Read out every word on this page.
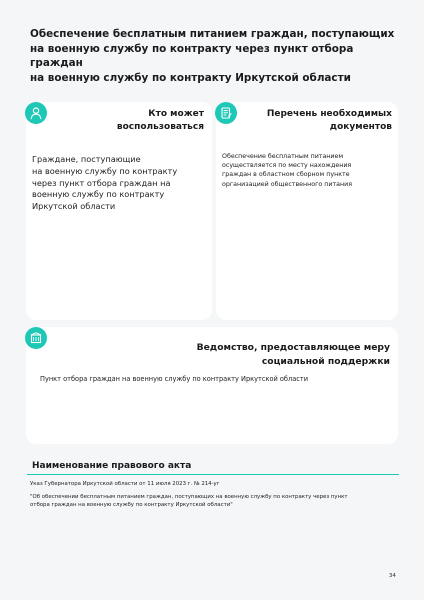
Обеспечение бесплатным питанием граждан, поступающих
на военную службу по контракту через пункт отбора граждан
на военную службу по контракту Иркутской области
Кто может
воспользоваться
Граждане, поступающие
на военную службу по контракту
через пункт отбора граждан на
военную службу по контракту
Иркутской области
Перечень необходимых
документов
Обеспечение бесплатным питанием
осуществляется по месту нахождения
граждан в областном сборном пункте
организацией общественного питания
Ведомство, предоставляющее меру
социальной поддержки
Пункт отбора граждан на военную службу по контракту Иркутской области
Наименование правового акта
Указ Губернатора Иркутской области от 11 июля 2023 г. № 214-уг
"Об обеспечении бесплатным питанием граждан, поступающих на военную службу по контракту через пункт
отбора граждан на военную службу по контракту Иркутской области"
34
